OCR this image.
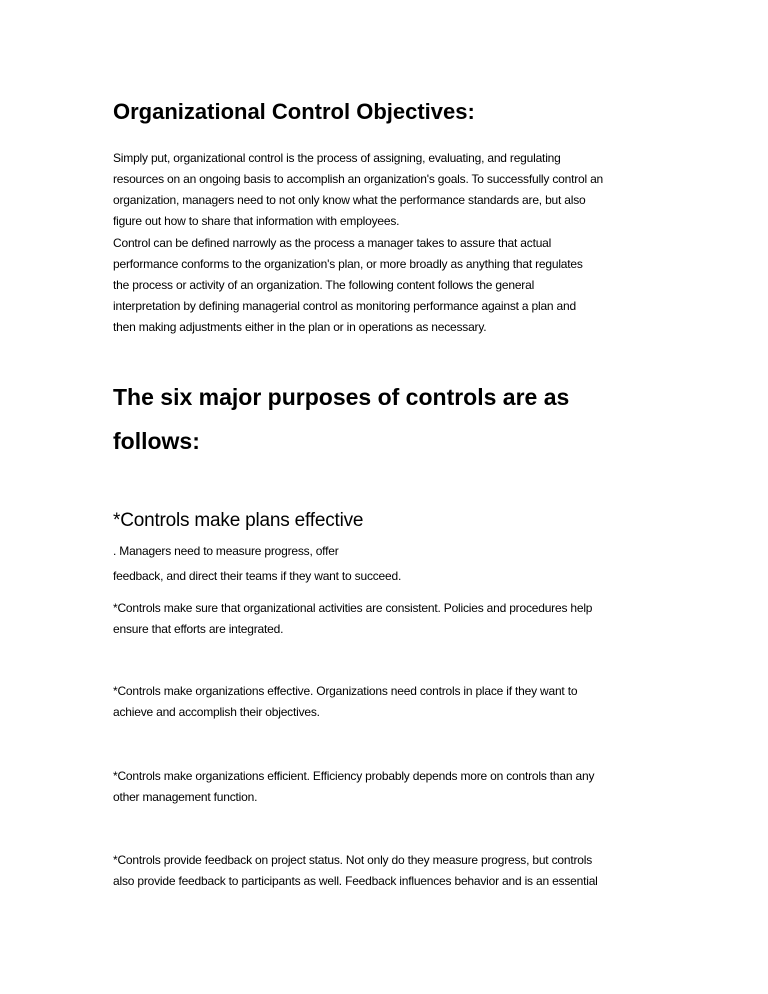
Organizational Control Objectives:
Simply put, organizational control is the process of assigning, evaluating, and regulating
resources on an ongoing basis to accomplish an organization's goals. To successfully control an
organization, managers need to not only know what the performance standards are, but also
figure out how to share that information with employees.
Control can be defined narrowly as the process a manager takes to assure that actual
performance conforms to the organization's plan, or more broadly as anything that regulates
the process or activity of an organization. The following content follows the general
interpretation by defining managerial control as monitoring performance against a plan and
then making adjustments either in the plan or in operations as necessary.
The six major purposes of controls are as
follows:
*Controls make plans effective
. Managers need to measure progress, offer
feedback, and direct their teams if they want to succeed.
*Controls make sure that organizational activities are consistent. Policies and procedures help
ensure that efforts are integrated.
*Controls make organizations effective. Organizations need controls in place if they want to
achieve and accomplish their objectives.
*Controls make organizations efficient. Efficiency probably depends more on controls than any
other management function.
*Controls provide feedback on project status. Not only do they measure progress, but controls
also provide feedback to participants as well. Feedback influences behavior and is an essential
